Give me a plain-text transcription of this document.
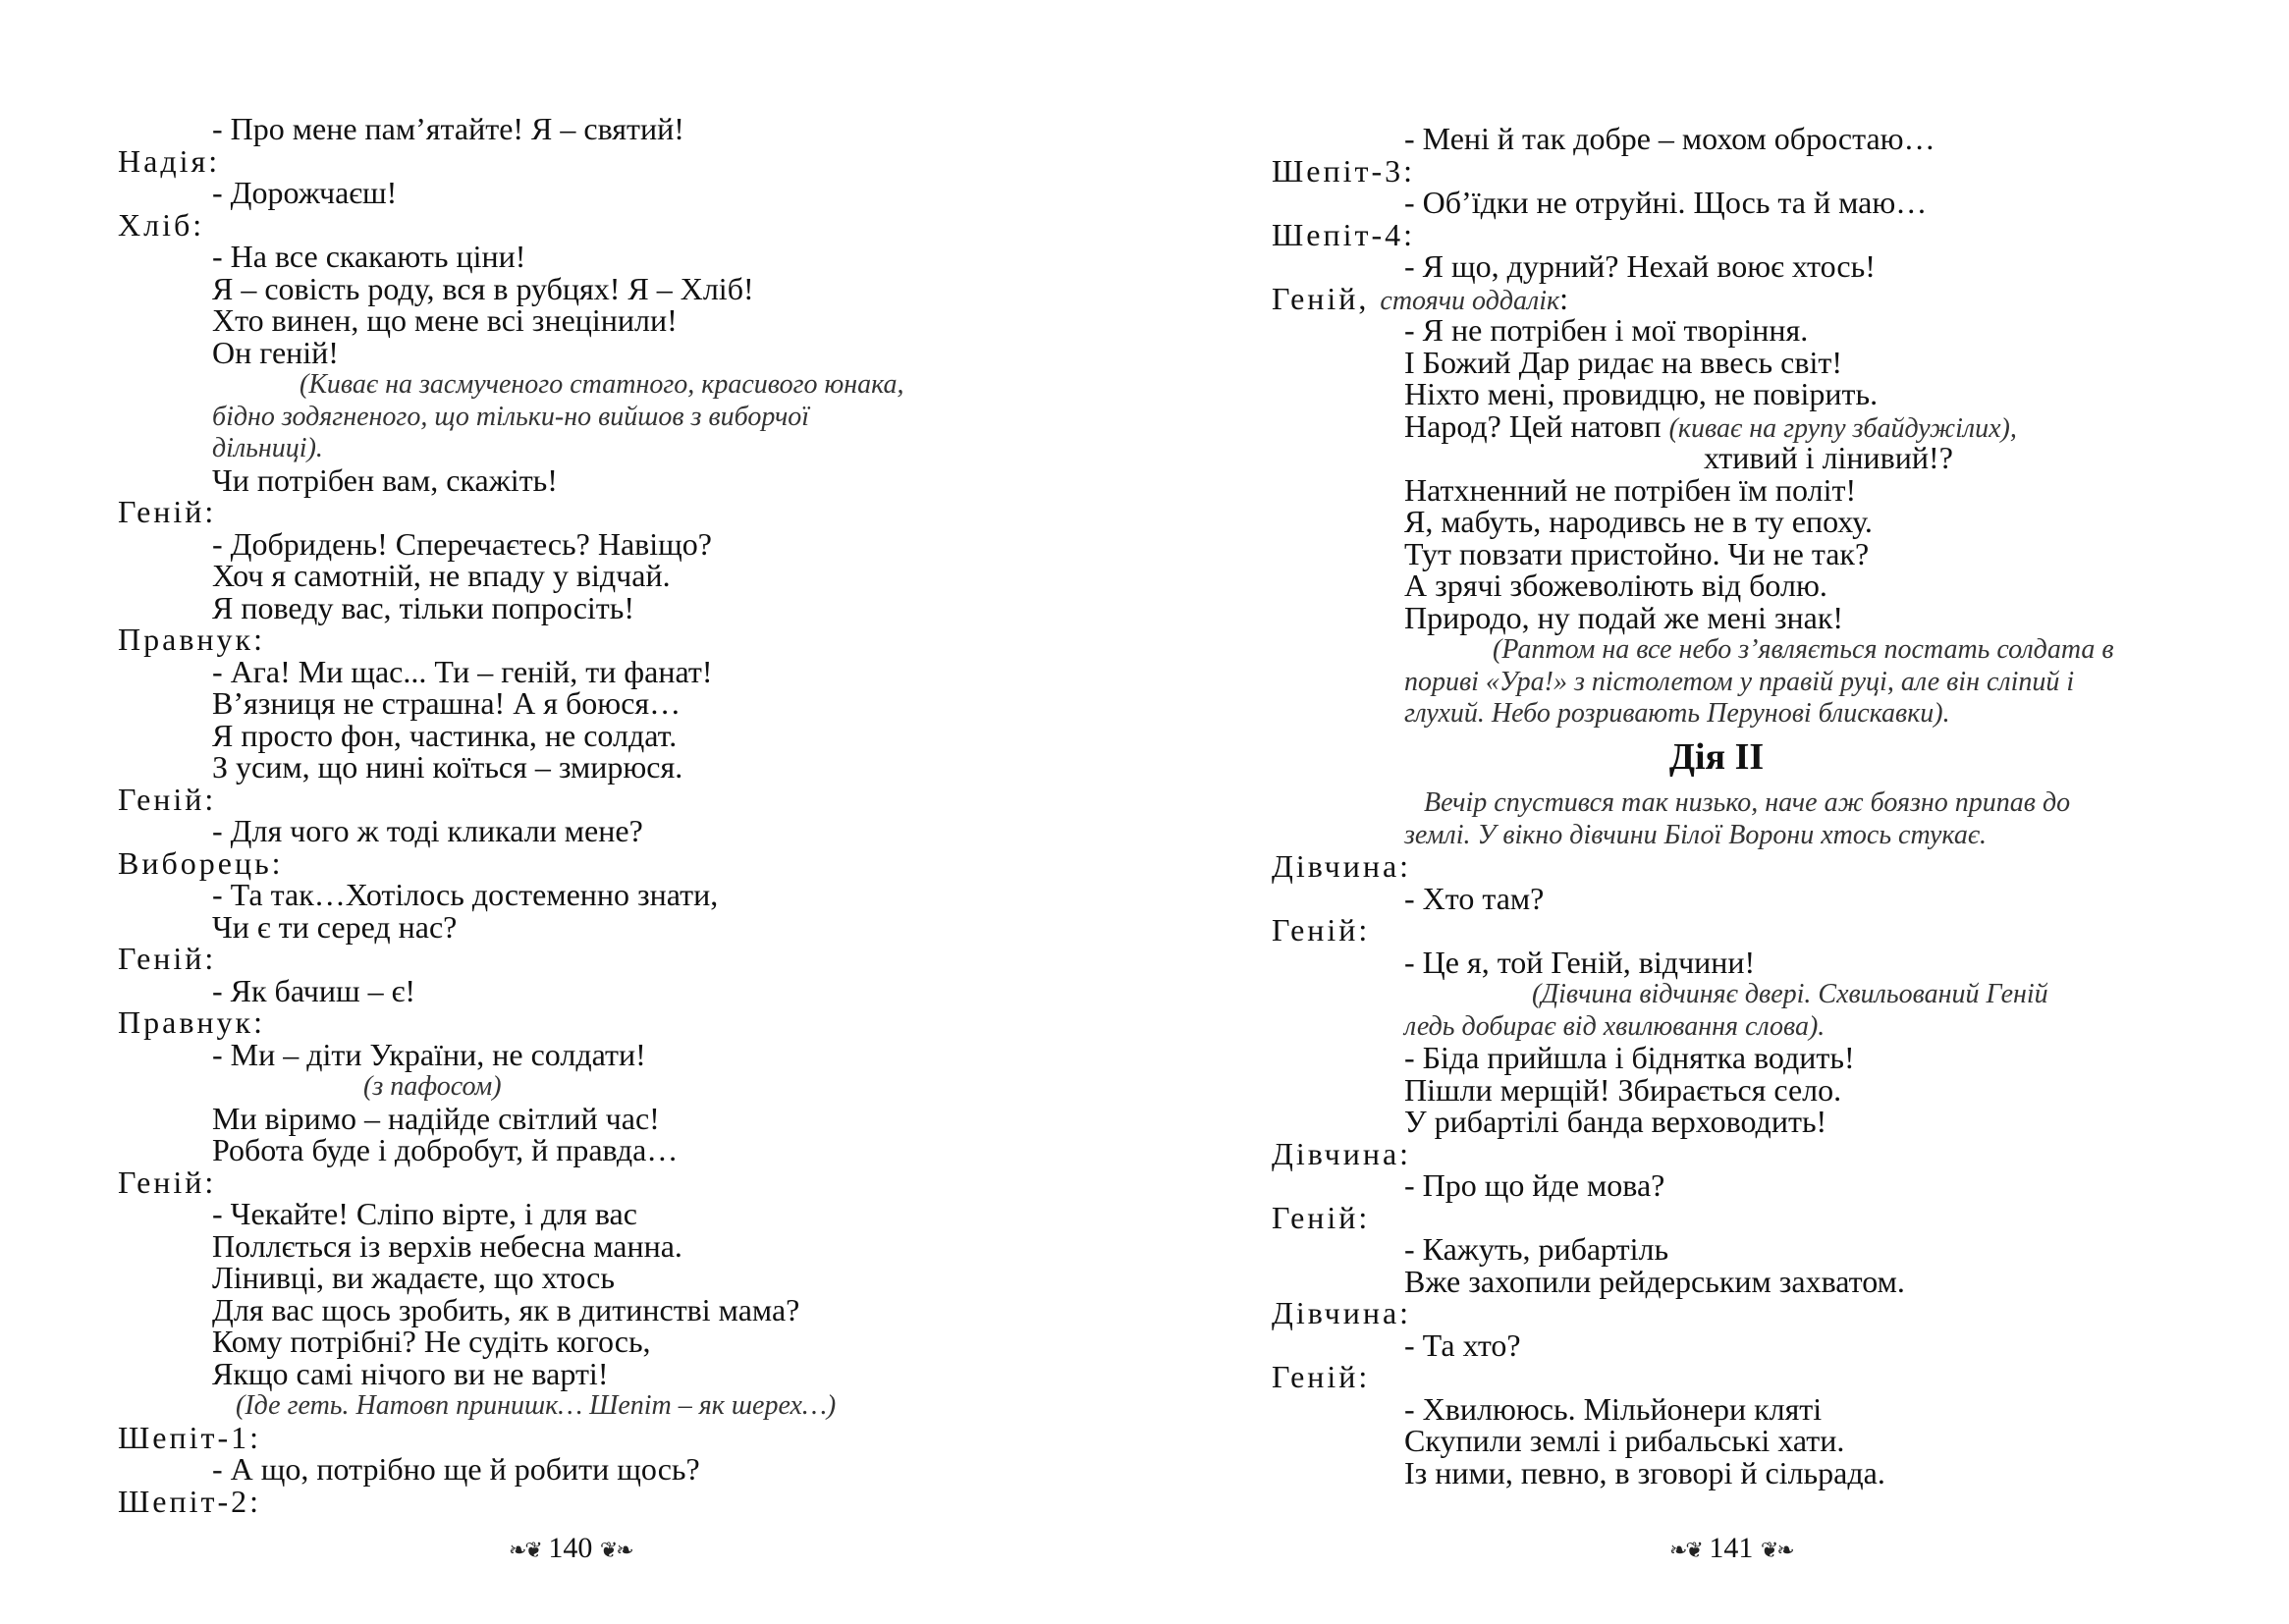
- Про мене пам’ятайте! Я – святий!
Надія:
- Дорожчаєш!
Хліб:
- На все скакають ціни!
Я – совість роду, вся в рубцях! Я – Хліб!
Хто винен, що мене всі знецінили!
Он геній!
(Киває на засмученого статного, красивого юнака,
бідно зодягненого, що тільки-но вийшов з виборчої
дільниці).
Чи потрібен вам, скажіть!
Геній:
- Добридень! Сперечаєтесь? Навіщо?
Хоч я самотній, не впаду у відчай.
Я поведу вас, тільки попросіть!
Правнук:
- Ага! Ми щас... Ти – геній, ти фанат!
В’язниця не страшна! А я боюся…
Я просто фон, частинка, не солдат.
З усим, що нині коїться – змирюся.
Геній:
- Для чого ж тоді кликали мене?
Виборець:
- Та так…Хотілось достеменно знати,
Чи є ти серед нас?
Геній:
- Як бачиш – є!
Правнук:
- Ми – діти України, не солдати!
(з пафосом)
Ми віримо – надійде світлий час!
Робота буде і добробут, й правда…
Геній:
- Чекайте! Сліпо вірте, і для вас
Поллється із верхів небесна манна.
Лінивці, ви жадаєте, що хтось
Для вас щось зробить, як в дитинстві мама?
Кому потрібні? Не судіть когось,
Якщо самі нічого ви не варті!
(Іде геть. Натовп принишк… Шепіт – як шерех…)
Шепіт-1:
- А що, потрібно ще й робити щось?
Шепіт-2:
❧❦ 140 ❦❧
- Мені й так добре – мохом обростаю…
Шепіт-3:
- Об’їдки не отруйні. Щось та й маю…
Шепіт-4:
- Я що, дурний? Нехай воює хтось!
Геній, стоячи оддалік:
- Я не потрібен і мої творіння.
І Божий Дар ридає на ввесь світ!
Ніхто мені, провидцю, не повірить.
Народ? Цей натовп (киває на групу збайдужілих),
хтивий і лінивий!?
Натхненний не потрібен їм політ!
Я, мабуть, народивсь не в ту епоху.
Тут повзати пристойно. Чи не так?
А зрячі збожеволіють від болю.
Природо, ну подай же мені знак!
(Раптом на все небо з’являється постать солдата в
пориві «Ура!» з пістолетом у правій руці, але він сліпий і
глухий. Небо розривають Перунові блискавки).
Дія ІІ
Вечір спустився так низько, наче аж боязно припав до
землі. У вікно дівчини Білої Ворони хтось стукає.
Дівчина:
- Хто там?
Геній:
- Це я, той Геній, відчини!
(Дівчина відчиняє двері. Схвильований Геній
ледь добирає від хвилювання слова).
- Біда прийшла і біднятка водить!
Пішли мерщій! Збирається село.
У рибартілі банда верховодить!
Дівчина:
- Про що йде мова?
Геній:
- Кажуть, рибартіль
Вже захопили рейдерським захватом.
Дівчина:
- Та хто?
Геній:
- Хвилююсь. Мільйонери кляті
Скупили землі і рибальські хати.
Із ними, певно, в зговорі й сільрада.
❧❦ 141 ❦❧
